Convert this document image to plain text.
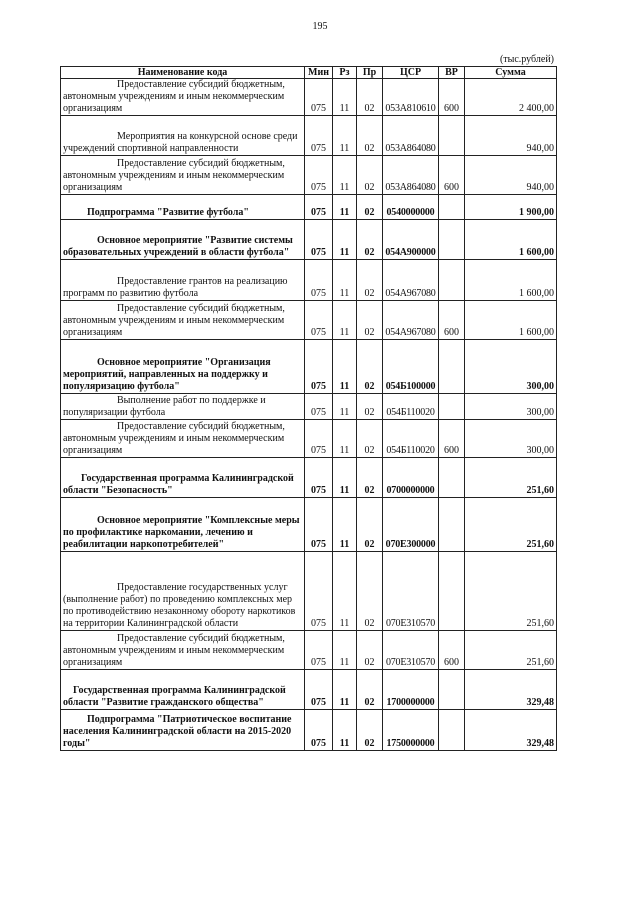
195
(тыс.рублей)
Наименование кода	Мин	Рз	Пр	ЦСР	ВР	Сумма

Предоставление субсидий бюджетным, автономным учреждениям и иным некоммерческим организациям	075	11	02	053А810610	600	2 400,00

Мероприятия на конкурсной основе среди учреждений спортивной направленности	075	11	02	053А864080		940,00

Предоставление субсидий бюджетным, автономным учреждениям и иным некоммерческим организациям	075	11	02	053А864080	600	940,00

Подпрограмма "Развитие футбола"	075	11	02	0540000000		1 900,00

Основное мероприятие "Развитие системы образовательных учреждений в области футбола"	075	11	02	054А900000		1 600,00

Предоставление грантов на реализацию программ по развитию футбола	075	11	02	054А967080		1 600,00

Предоставление субсидий бюджетным, автономным учреждениям и иным некоммерческим организациям	075	11	02	054А967080	600	1 600,00

Основное мероприятие "Организация мероприятий, направленных на поддержку и популяризацию футбола"	075	11	02	054Б100000		300,00

Выполнение работ по поддержке и популяризации футбола	075	11	02	054Б110020		300,00

Предоставление субсидий бюджетным, автономным учреждениям и иным некоммерческим организациям	075	11	02	054Б110020	600	300,00

Государственная программа Калининградской области "Безопасность"	075	11	02	0700000000		251,60

Основное мероприятие "Комплексные меры по профилактике наркомании, лечению и реабилитации наркопотребителей"	075	11	02	070Е300000		251,60

Предоставление государственных услуг (выполнение работ) по проведению комплексных мер по противодействию незаконному обороту наркотиков на территории Калининградской области	075	11	02	070Е310570		251,60

Предоставление субсидий бюджетным, автономным учреждениям и иным некоммерческим организациям	075	11	02	070Е310570	600	251,60

Государственная программа Калининградской области "Развитие гражданского общества"	075	11	02	1700000000		329,48

Подпрограмма "Патриотическое воспитание населения Калининградской области на 2015-2020 годы"	075	11	02	1750000000		329,48
